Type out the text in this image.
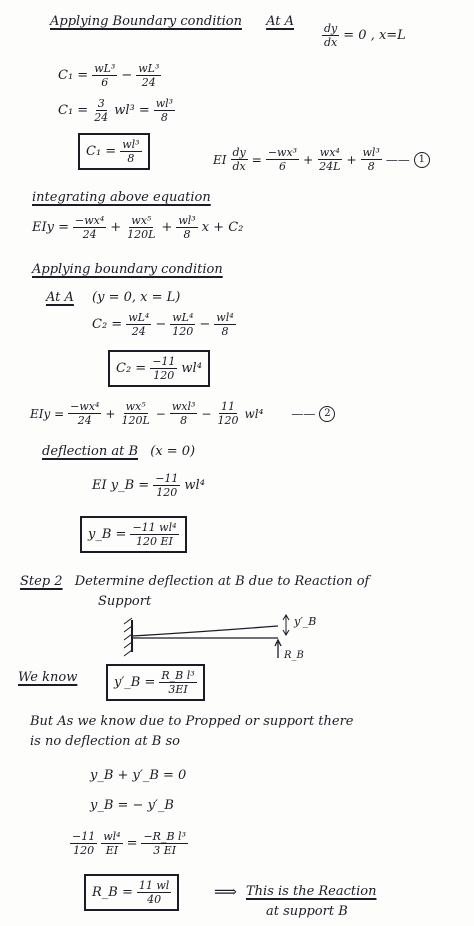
Applying Boundary condition At A
$\frac{dy}{dx} = 0$ , x=L
$C_1 = \frac{\text{wL³}}{6} - \frac{\text{wL³}}{24}$
$C_1 = \frac{3}{24} wl^3 = \frac{\text{wl³}}{8}$
$C_1 = \frac{\text{wl³}}{8}$	EI $\frac{dy}{dx} = \frac{\text{−wx³}}{6} + \frac{\text{wx⁴}}{24L} + \frac{\text{wl³}}{8}$ —— 1
integrating above equation
EIy = $\frac{\text{−wx⁴}}{24} + \frac{\text{wx⁵}}{120L} + \frac{\text{wl³}}{8}$ x + C₂
Applying boundary condition
At A (y = 0, x = L)
$C_2 = \frac{\text{wL⁴}}{24} - \frac{\text{wL⁴}}{120} - \frac{\text{wl⁴}}{8}$
$C_2 = \frac{-11}{120} wl^4$
EIy = $\frac{\text{−wx⁴}}{24} + \frac{\text{wx⁵}}{120L} - \frac{\text{wxl³}}{8} - \frac{11}{120} wl^4$ —— 2
deflection at B (x = 0)
EI y_B = $\frac{-11}{120} wl^4$
y_B = $\frac{\text{−11 wl⁴}}{120 EI}$
Step 2 Determine deflection at B due to Reaction of
Support
y′_B
R_B
We know	y′_B = $\frac{\text{R\_B l³}}{3EI}$
But As we know due to Propped or support there
is no deflection at B so
y_B + y′_B = 0
y_B = − y′_B
$\frac{-11}{120} \frac{\text{wl⁴}}{EI} = \frac{\text{−R\_B l³}}{3 EI}$
R_B = $\frac{11 wl}{40}$	⟹ This is the Reaction
at support B
